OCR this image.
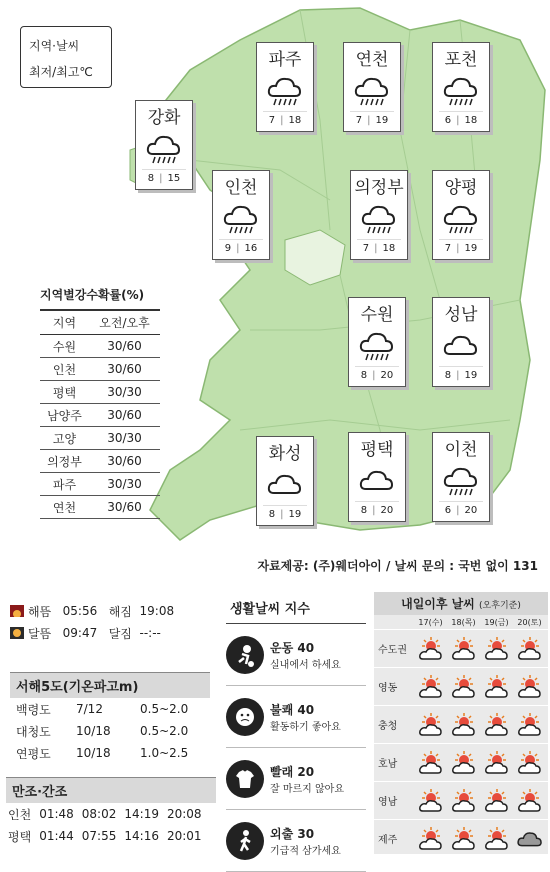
지역·날씨
최저/최고℃
파주
7 | 18
연천
7 | 19
포천
6 | 18
강화
8 | 15	인천
9 | 16
의정부
7 | 18
양평
7 | 19
수원
8 | 20
성남
8 | 19
화성
8 | 19
평택
8 | 20
이천
6 | 20
지역별강수확률(%)
지역	오전/오후
수원	30/60
인천	30/60
평택	30/30
남양주	30/60
고양	30/30
의정부	30/60
파주	30/30
연천	30/60
자료제공: (주)웨더아이 / 날씨 문의 : 국번 없이 131
해뜸
05:56
해짐
19:08
달뜸
09:47
달짐
--:--
서해5도(기온파고m)
백령도	7/12	0.5~2.0
대청도	10/18	0.5~2.0
연평도	10/18	1.0~2.5
만조·간조
인천 01:48 08:02 14:19 20:08
평택 01:44 07:55 14:16 20:01
생활날씨 지수
운동 40
실내에서 하세요
불쾌 40
활동하기 좋아요
빨래 20
잘 마르지 않아요
외출 30
기급적 삼가세요
내일이후 날씨 (오후기준)
17(수)	18(목)	19(금)	20(토)
수도권
영동
충청
호남
영남
제주
